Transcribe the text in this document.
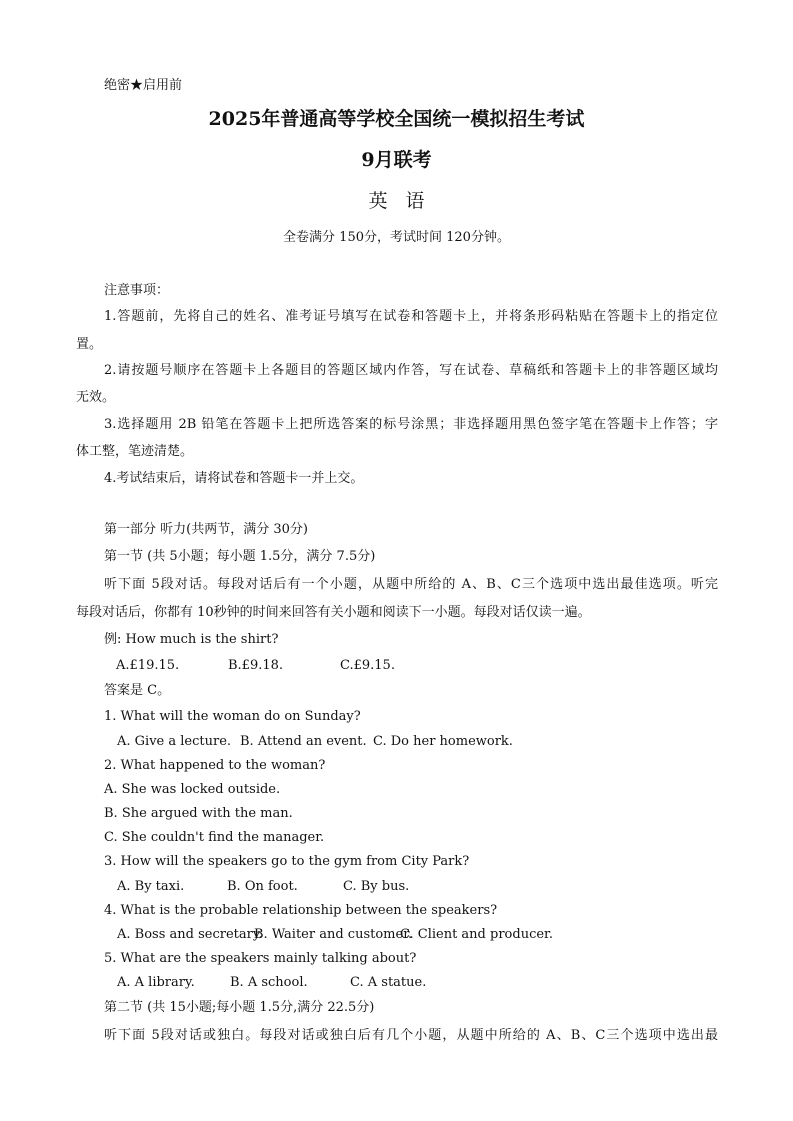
绝密★启用前
2025年普通高等学校全国统一模拟招生考试
9月联考
英语
全卷满分 150分，考试时间 120分钟。
注意事项：
1.答题前，先将自己的姓名、准考证号填写在试卷和答题卡上，并将条形码粘贴在答题卡上的指定位
置。
2.请按题号顺序在答题卡上各题目的答题区域内作答，写在试卷、草稿纸和答题卡上的非答题区域均
无效。
3.选择题用 2B 铅笔在答题卡上把所选答案的标号涂黑；非选择题用黑色签字笔在答题卡上作答；字
体工整，笔迹清楚。
4.考试结束后，请将试卷和答题卡一并上交。
第一部分 听力(共两节，满分 30分)
第一节 (共 5小题；每小题 1.5分，满分 7.5分)
听下面 5段对话。每段对话后有一个小题，从题中所给的 A、B、C三个选项中选出最佳选项。听完
每段对话后，你都有 10秒钟的时间来回答有关小题和阅读下一小题。每段对话仅读一遍。
例: How much is the shirt?
A.£19.15.	B.£9.18.	C.£9.15.
答案是 C。
1. What will the woman do on Sunday?
A. Give a lecture. B. Attend an event. C. Do her homework.
2. What happened to the woman?
A. She was locked outside.
B. She argued with the man.
C. She couldn't find the manager.
3. How will the speakers go to the gym from City Park?
A. By taxi.	B. On foot.	C. By bus.
4. What is the probable relationship between the speakers?
A. Boss and secretary.
B. Waiter and customer.
C. Client and producer.
5. What are the speakers mainly talking about?
A. A library.	B. A school.	C. A statue.
第二节 (共 15小题;每小题 1.5分,满分 22.5分)
听下面 5段对话或独白。每段对话或独白后有几个小题，从题中所给的 A、B、C三个选项中选出最
